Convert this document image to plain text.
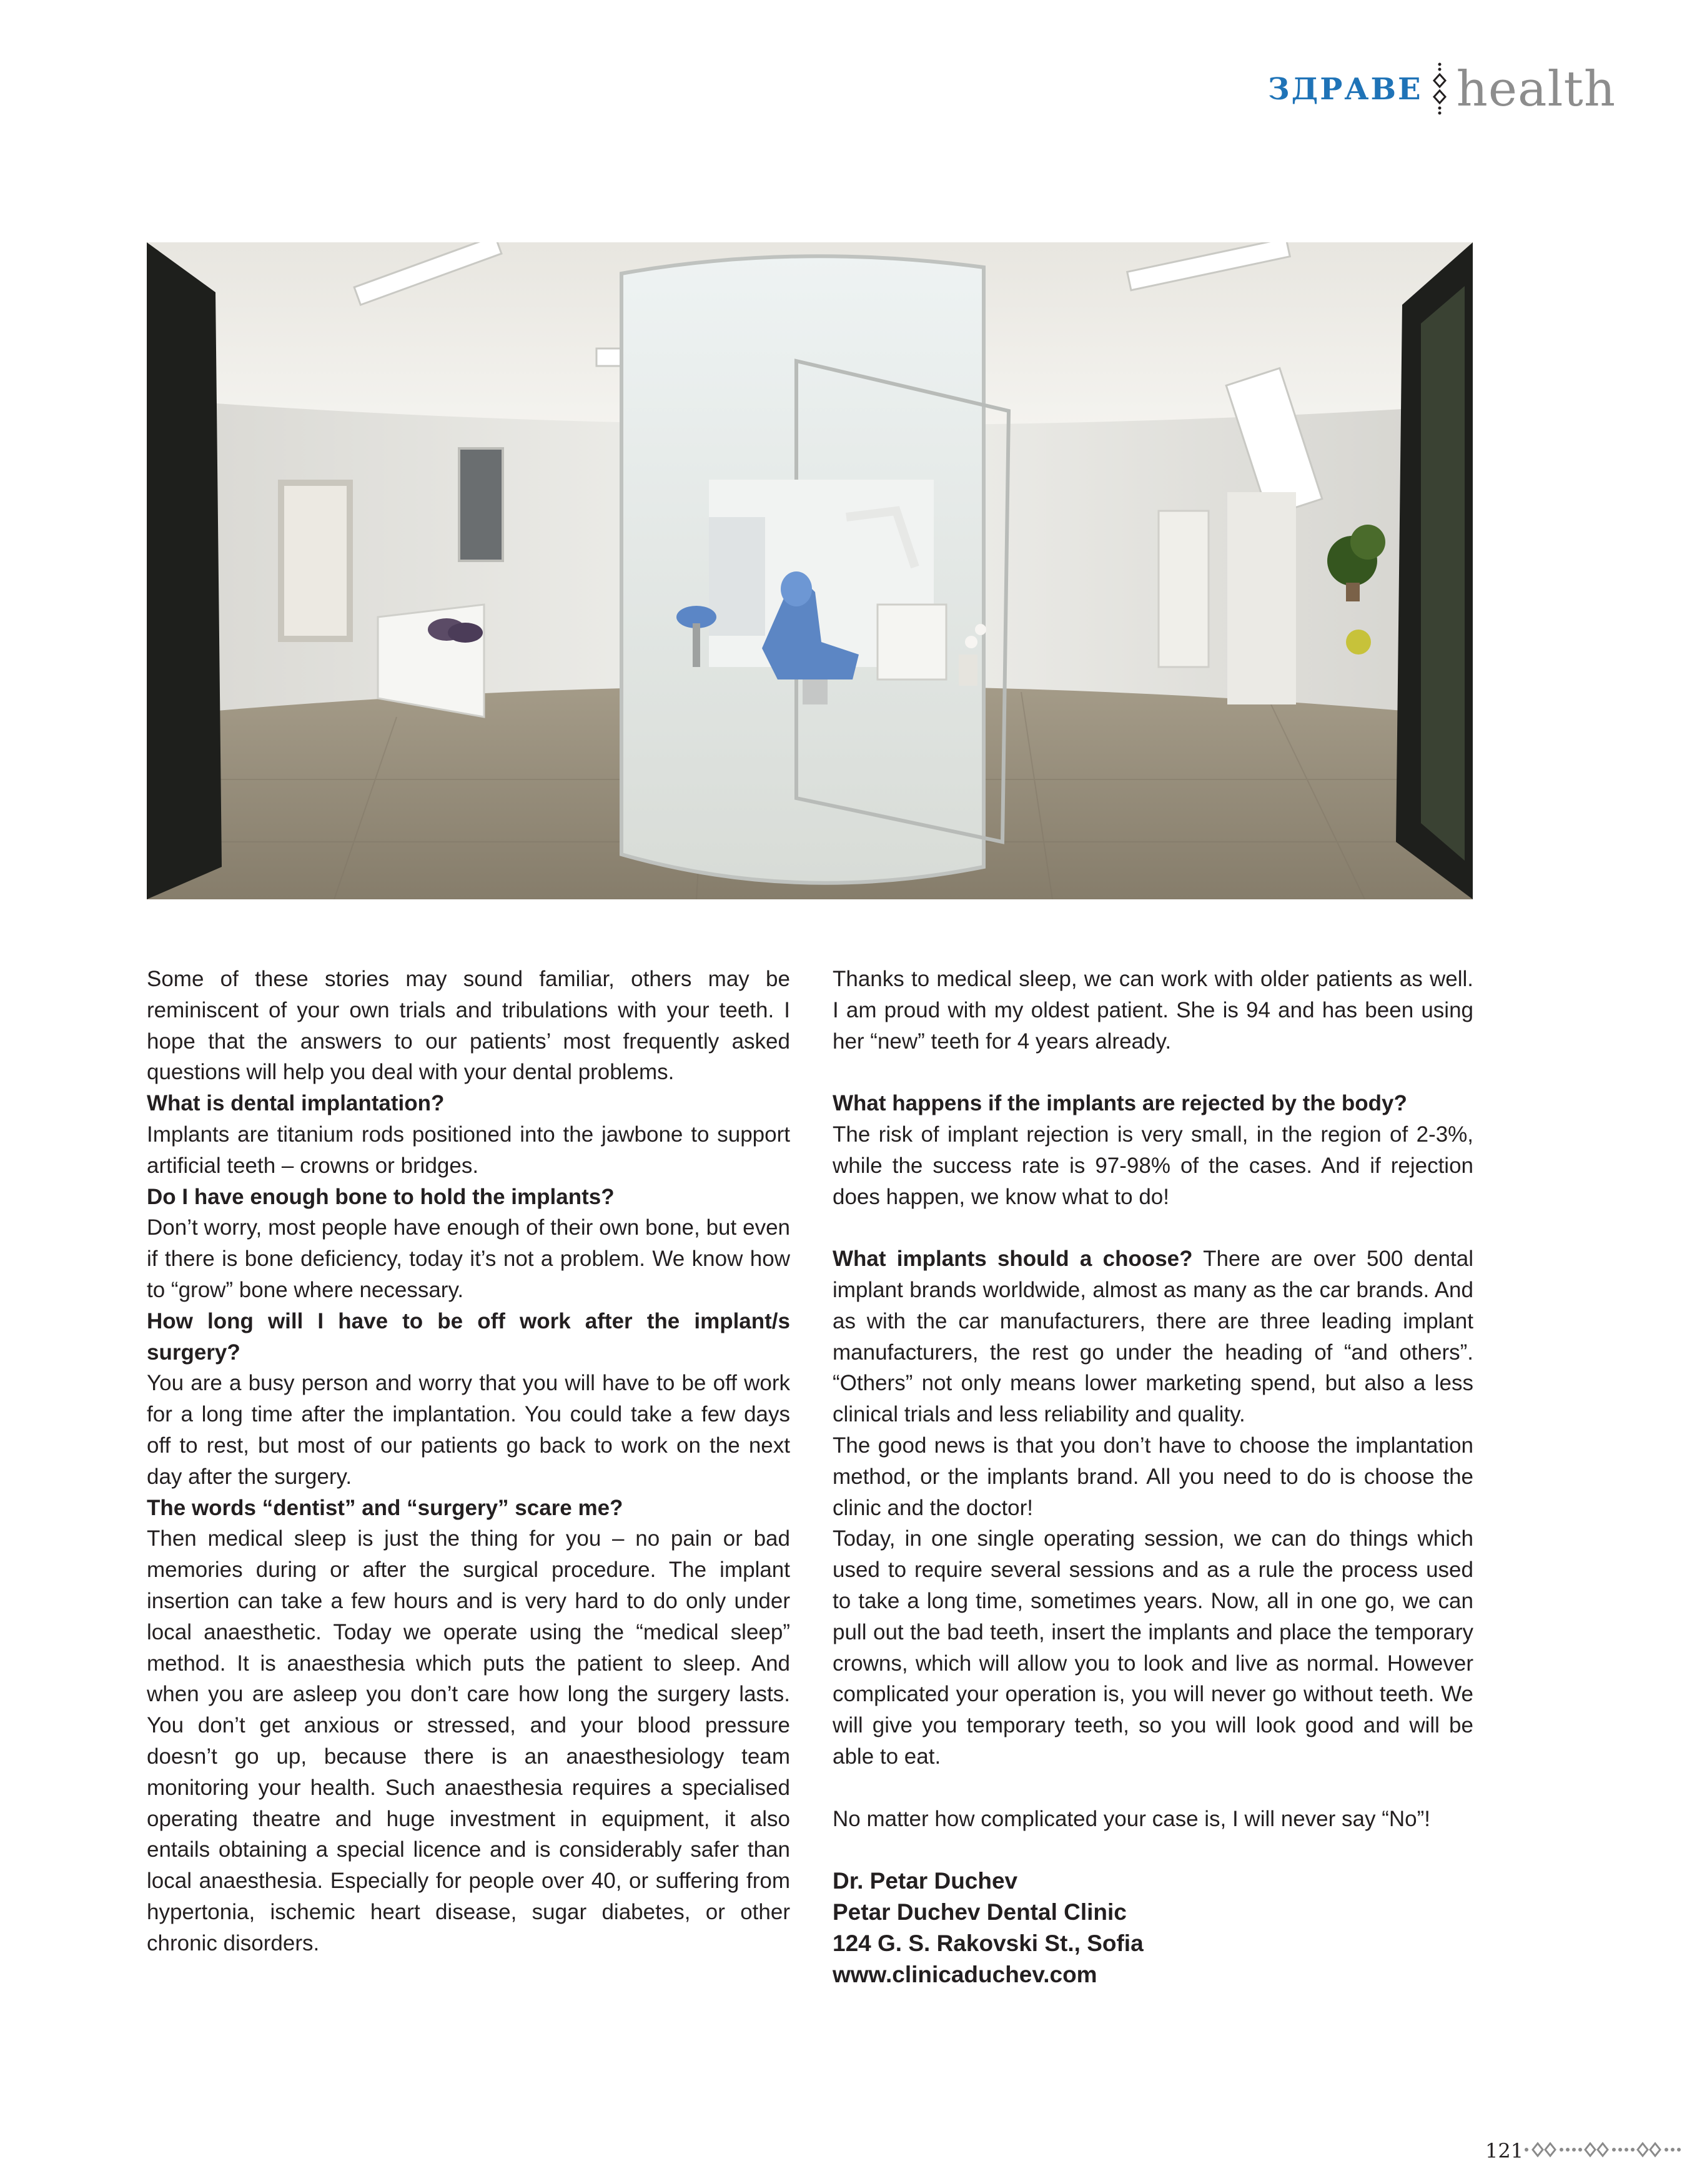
ЗДРАВЕ health

Some of these stories may sound familiar, others may be reminiscent of your own trials and tribulations with your teeth. I hope that the answers to our patients’ most frequently asked questions will help you deal with your dental problems.

What is dental implantation?

Implants are titanium rods positioned into the jawbone to support artificial teeth – crowns or bridges.

Do I have enough bone to hold the implants?

Don’t worry, most people have enough of their own bone, but even if there is bone deficiency, today it’s not a problem. We know how to “grow” bone where necessary.

How long will I have to be off work after the implant/s surgery?

You are a busy person and worry that you will have to be off work for a long time after the implantation. You could take a few days off to rest, but most of our patients go back to work on the next day after the surgery.

The words “dentist” and “surgery” scare me?

Then medical sleep is just the thing for you – no pain or bad memories during or after the surgical procedure. The implant insertion can take a few hours and is very hard to do only under local anaesthetic. Today we operate using the “medical sleep” method. It is anaesthesia which puts the patient to sleep. And when you are asleep you don’t care how long the surgery lasts. You don’t get anxious or stressed, and your blood pressure doesn’t go up, because there is an anaesthesiology team monitoring your health. Such anaesthesia requires a specialised operating theatre and huge investment in equipment, it also entails obtaining a special licence and is considerably safer than local anaesthesia. Especially for people over 40, or suffering from hypertonia, ischemic heart disease, sugar diabetes, or other chronic disorders.

Thanks to medical sleep, we can work with older patients as well. I am proud with my oldest patient. She is 94 and has been using her “new” teeth for 4 years already.

What happens if the implants are rejected by the body?

The risk of implant rejection is very small, in the region of 2-3%, while the success rate is 97-98% of the cases. And if rejection does happen, we know what to do!

What implants should a choose? There are over 500 dental implant brands worldwide, almost as many as the car brands. And as with the car manufacturers, there are three leading implant manufacturers, the rest go under the heading of “and others”. “Others” not only means lower marketing spend, but also a less clinical trials and less reliability and quality.

The good news is that you don’t have to choose the implantation method, or the implants brand. All you need to do is choose the clinic and the doctor!

Today, in one single operating session, we can do things which used to require several sessions and as a rule the process used to take a long time, sometimes years. Now, all in one go, we can pull out the bad teeth, insert the implants and place the temporary crowns, which will allow you to look and live as normal. However complicated your operation is, you will never go without teeth. We will give you temporary teeth, so you will look good and will be able to eat.

No matter how complicated your case is, I will never say “No”!

Dr. Petar Duchev
Petar Duchev Dental Clinic
124 G. S. Rakovski St., Sofia
www.clinicaduchev.com
121
